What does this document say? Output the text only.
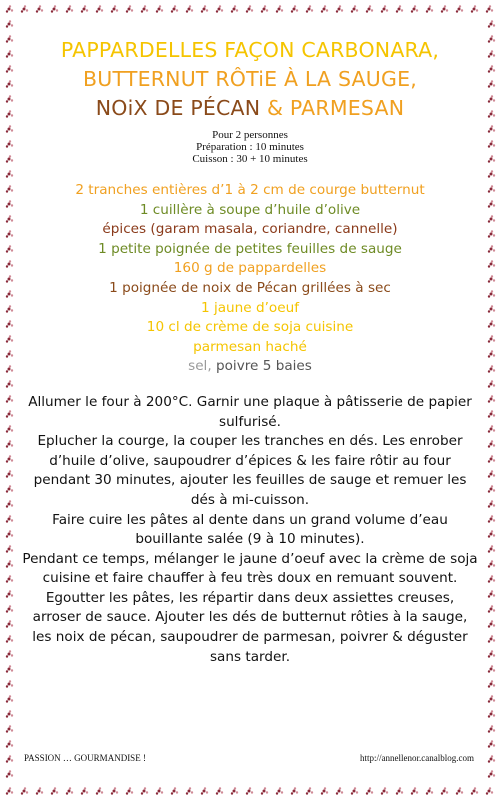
PAPPARDELLES FAÇON CARBONARA,
BUTTERNUT RÔTiE À LA SAUGE,
NOiX DE PÉCAN & PARMESAN
Pour 2 personnes
Préparation : 10 minutes
Cuisson : 30 + 10 minutes
2 tranches entières d’1 à 2 cm de courge butternut
1 cuillère à soupe d’huile d’olive
épices (garam masala, coriandre, cannelle)
1 petite poignée de petites feuilles de sauge
160 g de pappardelles
1 poignée de noix de Pécan grillées à sec
1 jaune d’oeuf
10 cl de crème de soja cuisine
parmesan haché
sel, poivre 5 baies

Allumer le four à 200°C. Garnir une plaque à pâtisserie de papier sulfurisé.

Eplucher la courge, la couper les tranches en dés. Les enrober d’huile d’olive, saupoudrer d’épices & les faire rôtir au four pendant 30 minutes, ajouter les feuilles de sauge et remuer les dés à mi-cuisson.

Faire cuire les pâtes al dente dans un grand volume d’eau bouillante salée (9 à 10 minutes).

Pendant ce temps, mélanger le jaune d’oeuf avec la crème de soja cuisine et faire chauffer à feu très doux en remuant souvent.

Egoutter les pâtes, les répartir dans deux assiettes creuses, arroser de sauce. Ajouter les dés de butternut rôties à la sauge, les noix de pécan, saupoudrer de parmesan, poivrer & déguster sans tarder.

PASSION … GOURMANDISE !	http://annellenor.canalblog.com
